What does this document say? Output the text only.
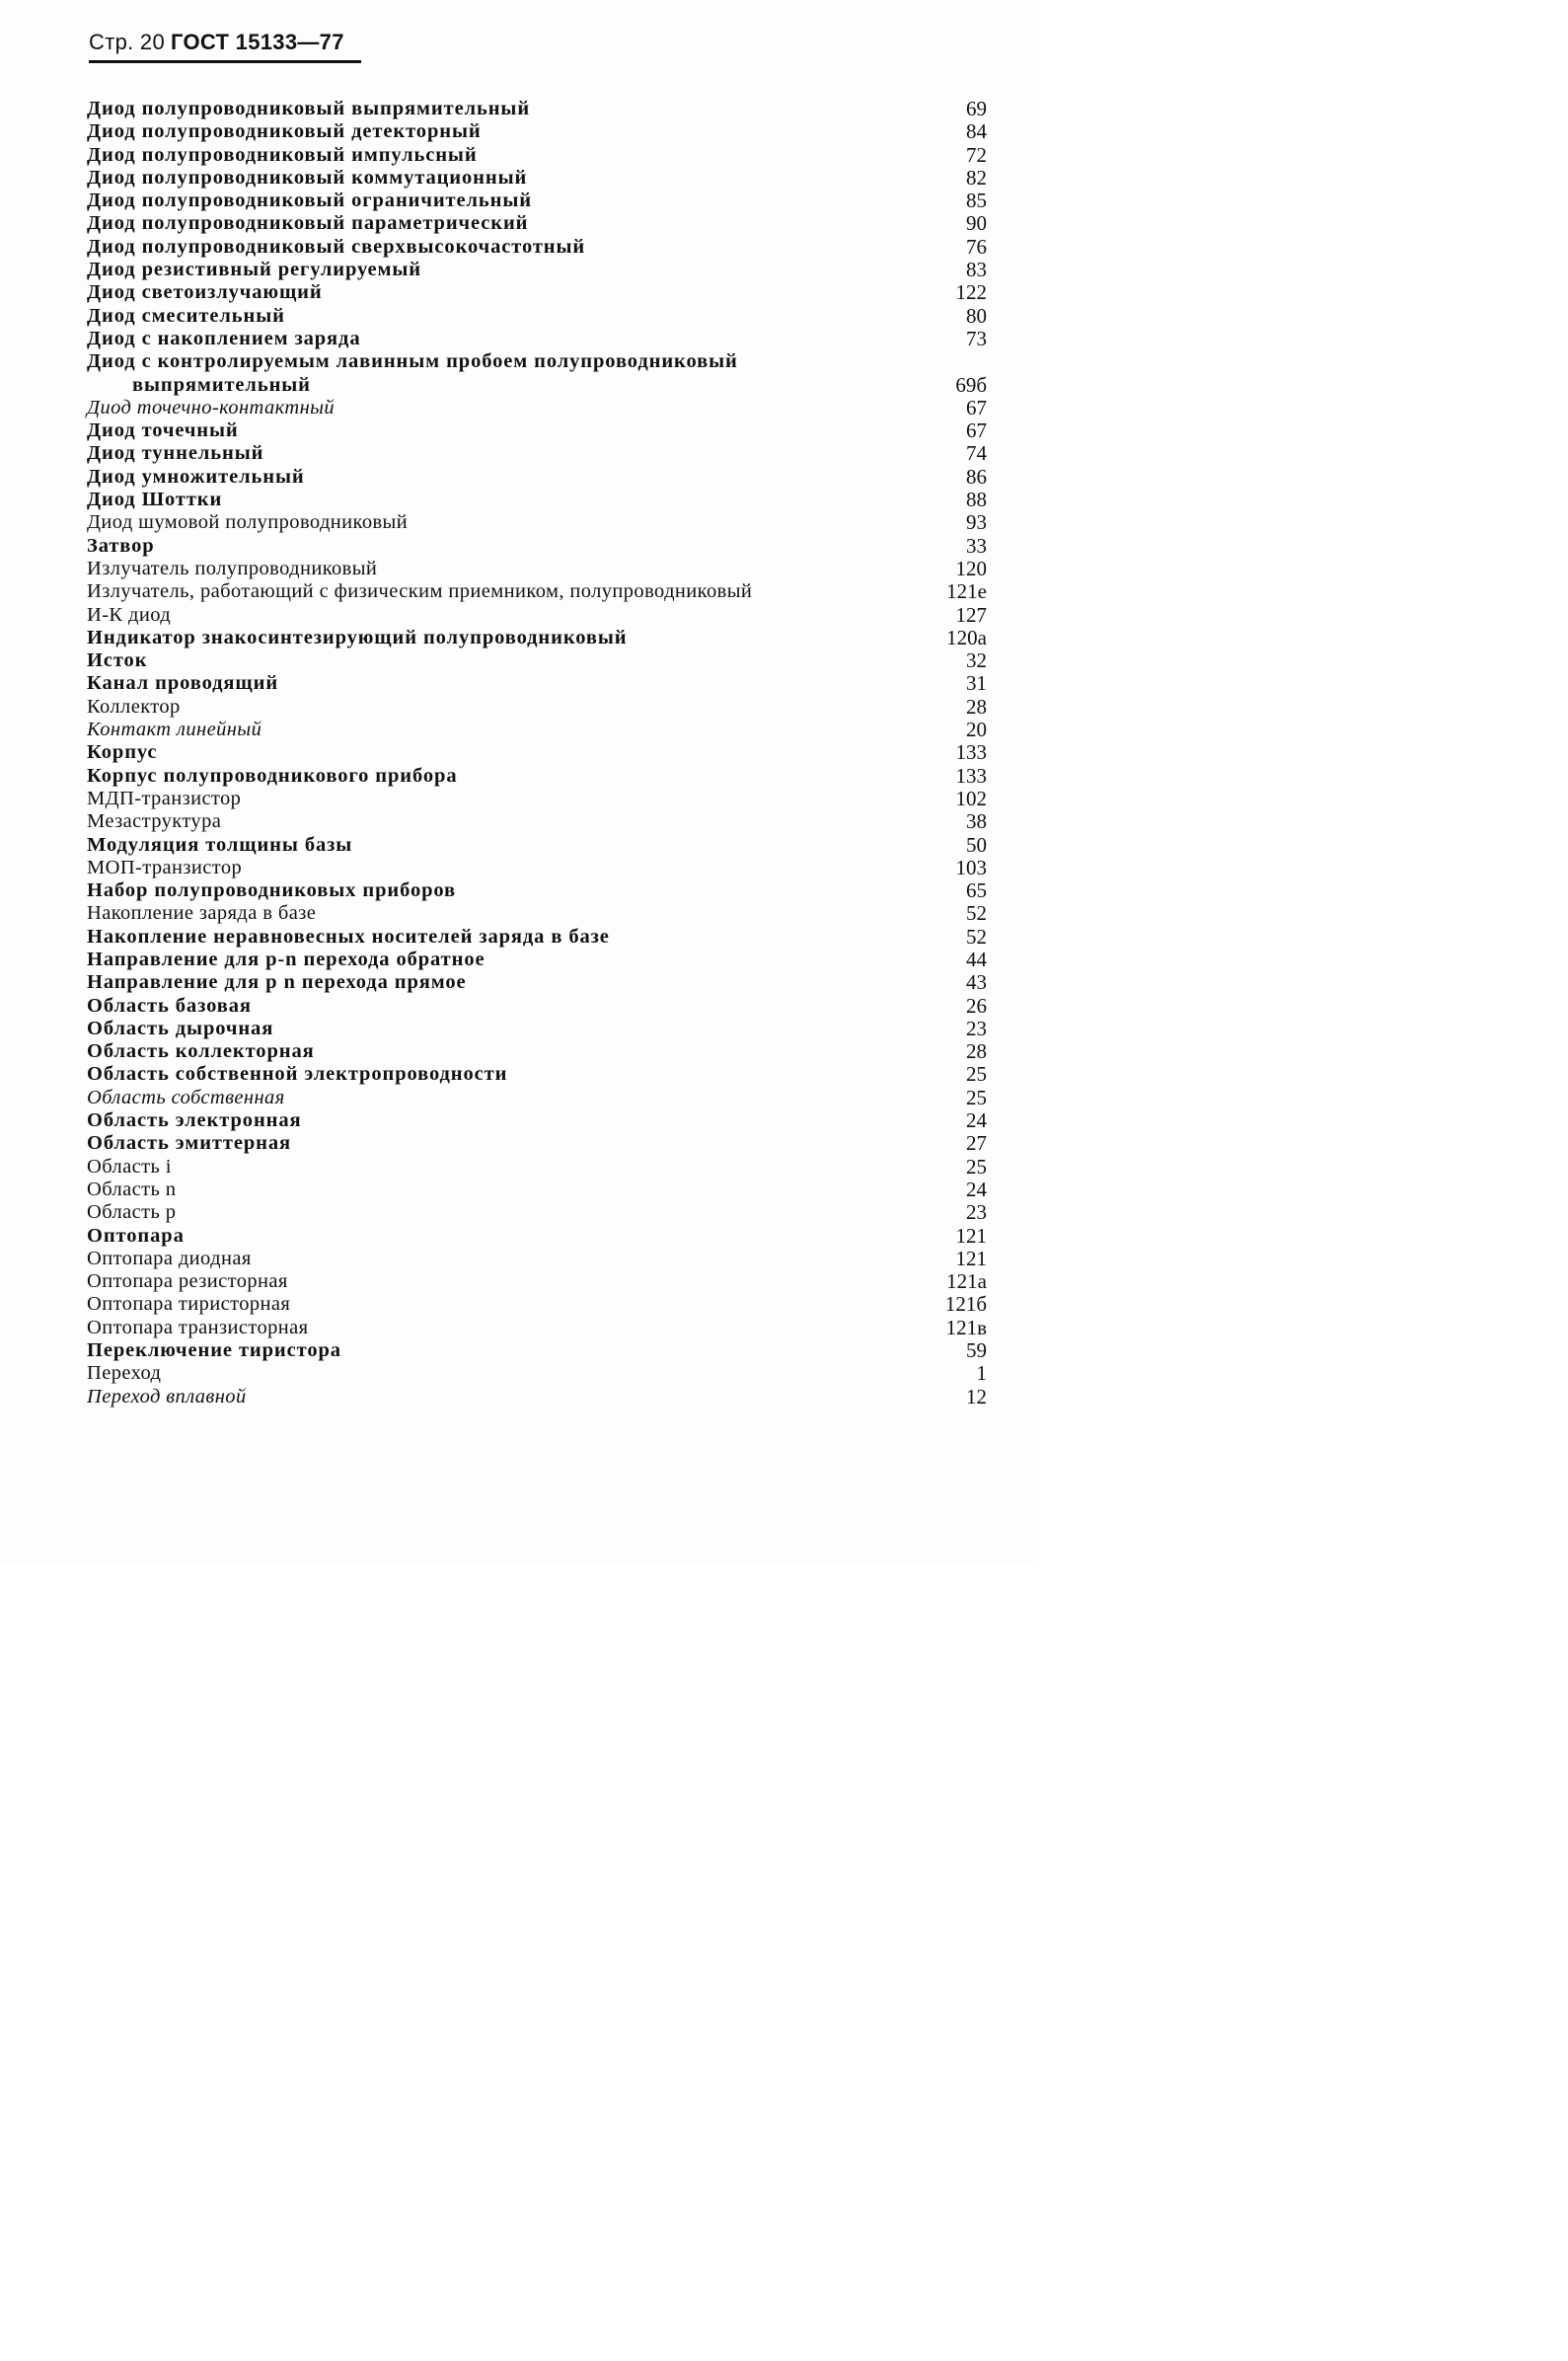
Стр. 20 ГОСТ 15133—77
Диод полупроводниковый выпрямительный	69
Диод полупроводниковый детекторный	84
Диод полупроводниковый импульсный	72
Диод полупроводниковый коммутационный	82
Диод полупроводниковый ограничительный	85
Диод полупроводниковый параметрический	90
Диод полупроводниковый сверхвысокочастотный	76
Диод резистивный регулируемый	83
Диод светоизлучающий	122
Диод смесительный	80
Диод с накоплением заряда	73
Диод с контролируемым лавинным пробоем полупроводниковый
выпрямительный	69б
Диод точечно-контактный	67
Диод точечный	67
Диод туннельный	74
Диод умножительный	86
Диод Шоттки	88
Диод шумовой полупроводниковый	93
Затвор	33
Излучатель полупроводниковый	120
Излучатель, работающий с физическим приемником, полупроводниковый	121е
И-К диод	127
Индикатор знакосинтезирующий полупроводниковый	120а
Исток	32
Канал проводящий	31
Коллектор	28
Контакт линейный	20
Корпус	133
Корпус полупроводникового прибора	133
МДП-транзистор	102
Мезаструктура	38
Модуляция толщины базы	50
МОП-транзистор	103
Набор полупроводниковых приборов	65
Накопление заряда в базе	52
Накопление неравновесных носителей заряда в базе	52
Направление для p-n перехода обратное	44
Направление для p n перехода прямое	43
Область базовая	26
Область дырочная	23
Область коллекторная	28
Область собственной электропроводности	25
Область собственная	25
Область электронная	24
Область эмиттерная	27
Область i	25
Область n	24
Область p	23
Оптопара	121
Оптопара диодная	121
Оптопара резисторная	121а
Оптопара тиристорная	121б
Оптопара транзисторная	121в
Переключение тиристора	59
Переход	1
Переход вплавной	12
